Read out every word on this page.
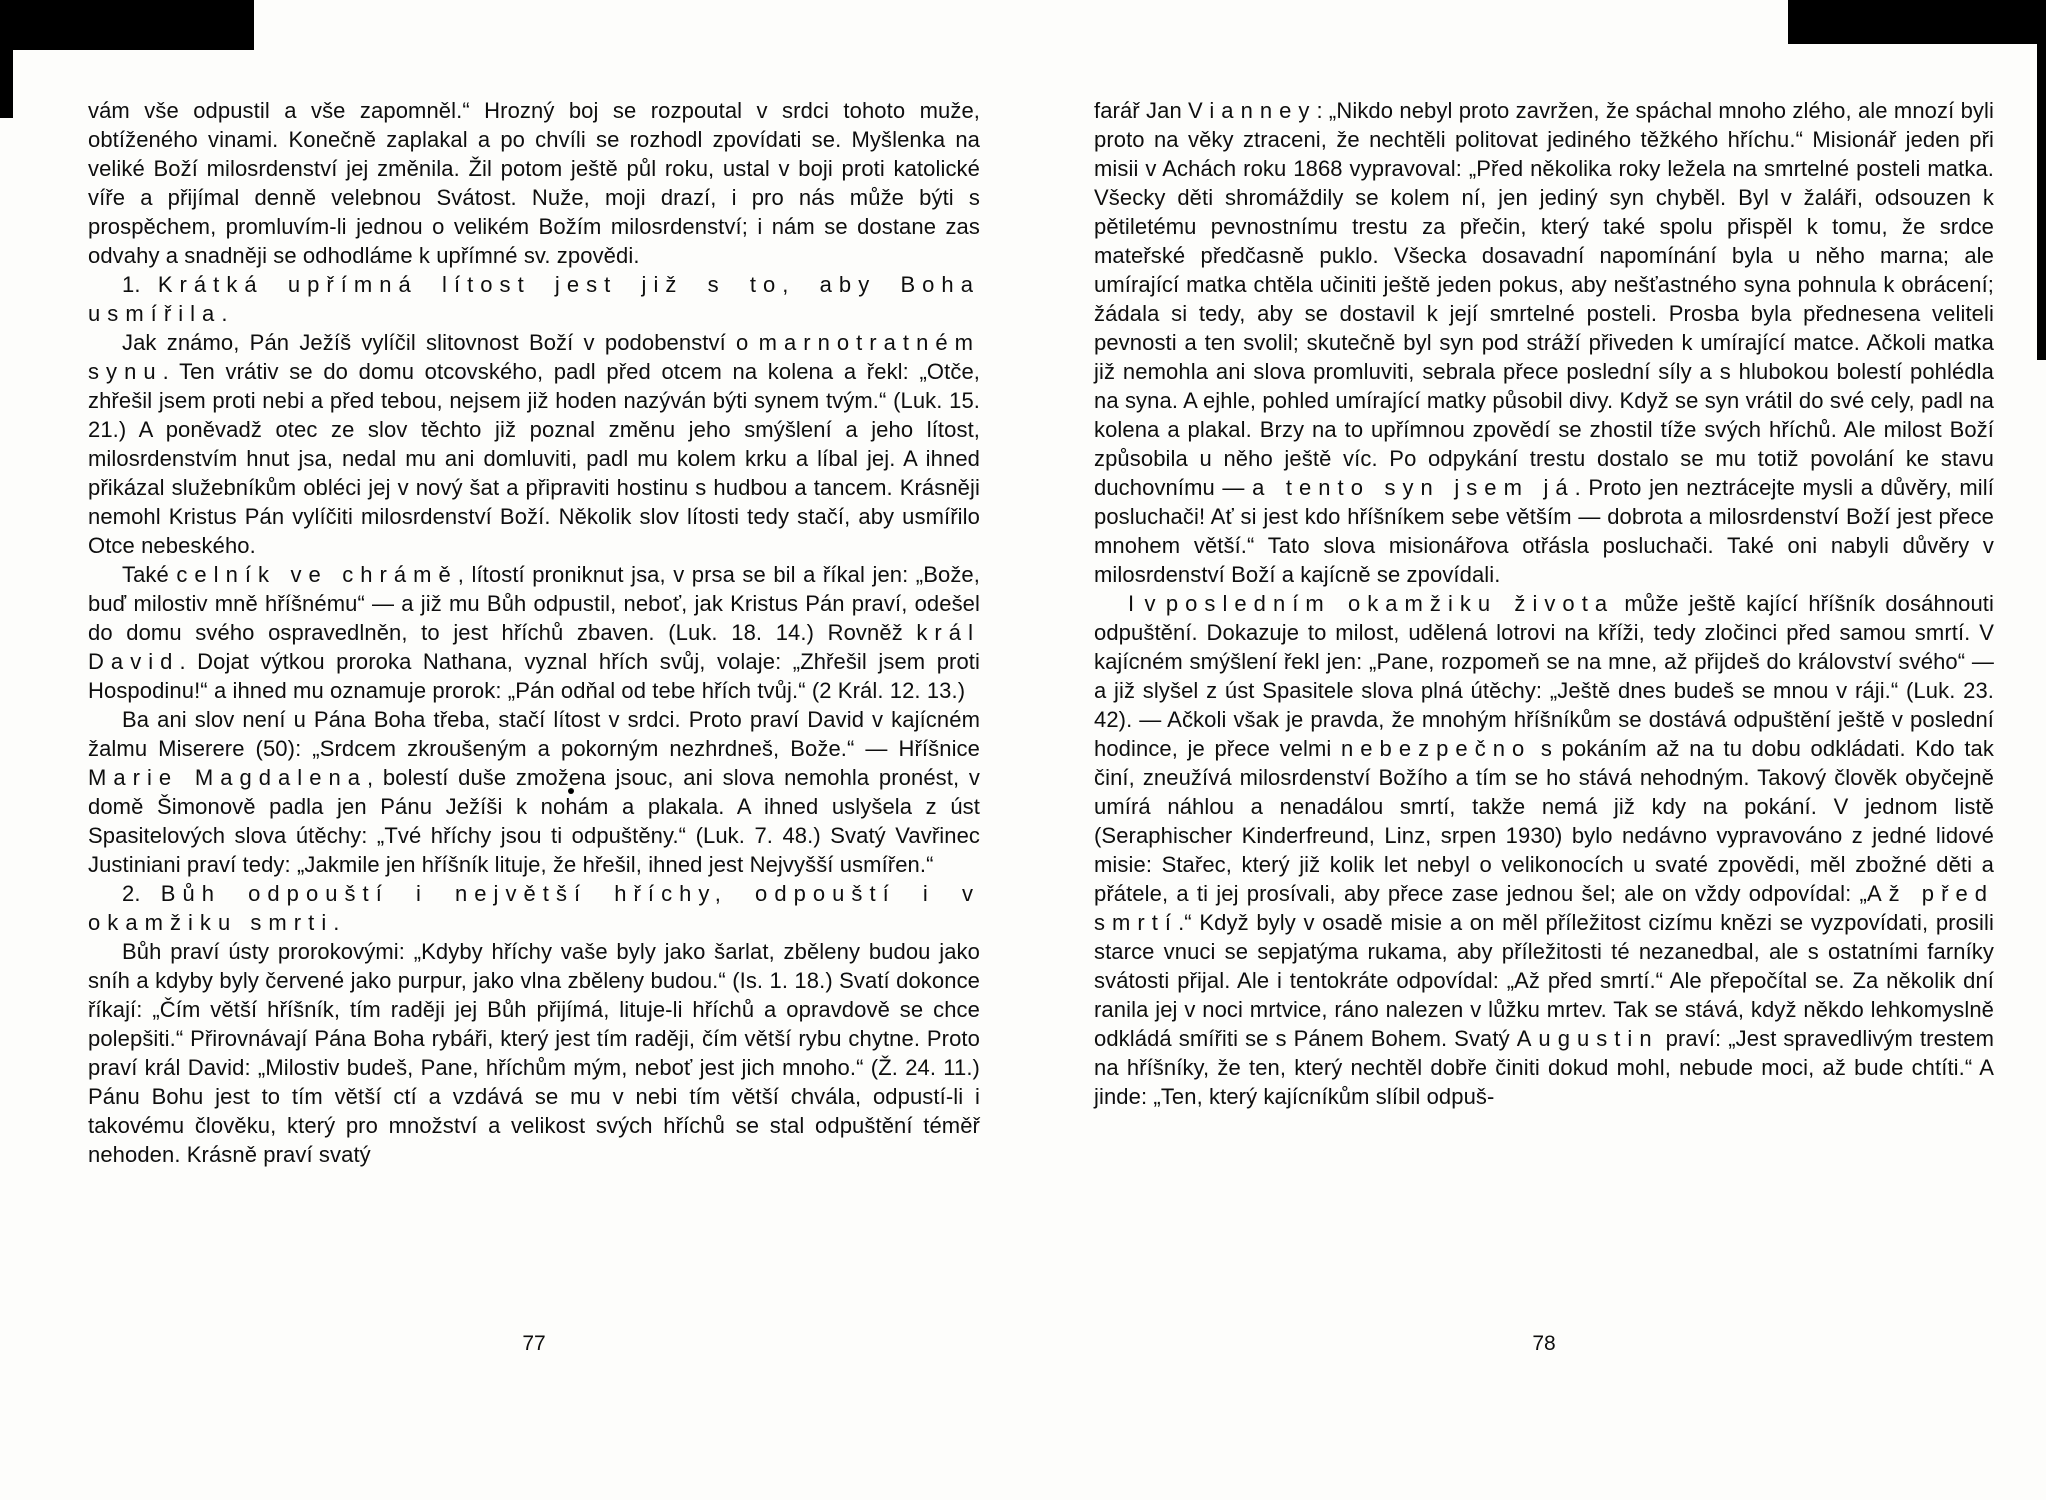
vám vše odpustil a vše zapomněl.“ Hrozný boj se rozpoutal v srdci tohoto muže, obtíženého vinami. Konečně zaplakal a po chvíli se rozhodl zpovídati se. Myšlenka na veliké Boží milosrdenství jej změnila. Žil potom ještě půl roku, ustal v boji proti katolické víře a přijímal denně velebnou Svátost. Nuže, moji drazí, i pro nás může býti s prospěchem, promluvím-li jednou o velikém Božím milosrdenství; i nám se dostane zas odvahy a snadněji se odhodláme k upřímné sv. zpovědi.

1. Krátká upřímná lítost jest již s to, aby Boha usmířila.

Jak známo, Pán Ježíš vylíčil slitovnost Boží v podobenství o marnotratném synu. Ten vrátiv se do domu otcovského, padl před otcem na kolena a řekl: „Otče, zhřešil jsem proti nebi a před tebou, nejsem již hoden nazýván býti synem tvým.“ (Luk. 15. 21.) A poněvadž otec ze slov těchto již poznal změnu jeho smýšlení a jeho lítost, milosrdenstvím hnut jsa, nedal mu ani domluviti, padl mu kolem krku a líbal jej. A ihned přikázal služebníkům obléci jej v nový šat a připraviti hostinu s hudbou a tancem. Krásněji nemohl Kristus Pán vylíčiti milosrdenství Boží. Několik slov lítosti tedy stačí, aby usmířilo Otce nebeského.

Také celník ve chrámě, lítostí proniknut jsa, v prsa se bil a říkal jen: „Bože, buď milostiv mně hříšnému“ — a již mu Bůh odpustil, neboť, jak Kristus Pán praví, odešel do domu svého ospravedlněn, to jest hříchů zbaven. (Luk. 18. 14.) Rovněž král David. Dojat výtkou proroka Nathana, vyznal hřích svůj, volaje: „Zhřešil jsem proti Hospodinu!“ a ihned mu oznamuje prorok: „Pán odňal od tebe hřích tvůj.“ (2 Král. 12. 13.)

Ba ani slov není u Pána Boha třeba, stačí lítost v srdci. Proto praví David v kajícném žalmu Miserere (50): „Srdcem zkroušeným a pokorným nezhrdneš, Bože.“ — Hříšnice Marie Magdalena, bolestí duše zmožena jsouc, ani slova nemohla pronést, v domě Šimonově padla jen Pánu Ježíši k nohám a plakala. A ihned uslyšela z úst Spasitelových slova útěchy: „Tvé hříchy jsou ti odpuštěny.“ (Luk. 7. 48.) Svatý Vavřinec Justiniani praví tedy: „Jakmile jen hříšník lituje, že hřešil, ihned jest Nejvyšší usmířen.“

2. Bůh odpouští i největší hříchy, odpouští i v okamžiku smrti.

Bůh praví ústy prorokovými: „Kdyby hříchy vaše byly jako šarlat, zběleny budou jako sníh a kdyby byly červené jako purpur, jako vlna zběleny budou.“ (Is. 1. 18.) Svatí dokonce říkají: „Čím větší hříšník, tím raději jej Bůh přijímá, lituje-li hříchů a opravdově se chce polepšiti.“ Přirovnávají Pána Boha rybáři, který jest tím raději, čím větší rybu chytne. Proto praví král David: „Milostiv budeš, Pane, hříchům mým, neboť jest jich mnoho.“ (Ž. 24. 11.) Pánu Bohu jest to tím větší ctí a vzdává se mu v nebi tím větší chvála, odpustí-li i takovému člověku, který pro množství a velikost svých hříchů se stal odpuštění téměř nehoden. Krásně praví svatý

77

farář Jan Vianney: „Nikdo nebyl proto zavržen, že spáchal mnoho zlého, ale mnozí byli proto na věky ztraceni, že nechtěli politovat jediného těžkého hříchu.“ Misionář jeden při misii v Achách roku 1868 vypravoval: „Před několika roky ležela na smrtelné posteli matka. Všecky děti shromáždily se kolem ní, jen jediný syn chyběl. Byl v žaláři, odsouzen k pětiletému pevnostnímu trestu za přečin, který také spolu přispěl k tomu, že srdce mateřské předčasně puklo. Všecka dosavadní napomínání byla u něho marna; ale umírající matka chtěla učiniti ještě jeden pokus, aby nešťastného syna pohnula k obrácení; žádala si tedy, aby se dostavil k její smrtelné posteli. Prosba byla přednesena veliteli pevnosti a ten svolil; skutečně byl syn pod stráží přiveden k umírající matce. Ačkoli matka již nemohla ani slova promluviti, sebrala přece poslední síly a s hlubokou bolestí pohlédla na syna. A ejhle, pohled umírající matky působil divy. Když se syn vrátil do své cely, padl na kolena a plakal. Brzy na to upřímnou zpovědí se zhostil tíže svých hříchů. Ale milost Boží způsobila u něho ještě víc. Po odpykání trestu dostalo se mu totiž povolání ke stavu duchovnímu — a tento syn jsem já. Proto jen neztrácejte mysli a důvěry, milí posluchači! Ať si jest kdo hříšníkem sebe větším — dobrota a milosrdenství Boží jest přece mnohem větší.“ Tato slova misionářova otřásla posluchači. Také oni nabyli důvěry v milosrdenství Boží a kajícně se zpovídali.

I v posledním okamžiku života může ještě kající hříšník dosáhnouti odpuštění. Dokazuje to milost, udělená lotrovi na kříži, tedy zločinci před samou smrtí. V kajícném smýšlení řekl jen: „Pane, rozpomeň se na mne, až přijdeš do království svého“ — a již slyšel z úst Spasitele slova plná útěchy: „Ještě dnes budeš se mnou v ráji.“ (Luk. 23. 42). — Ačkoli však je pravda, že mnohým hříšníkům se dostává odpuštění ještě v poslední hodince, je přece velmi nebezpečno s pokáním až na tu dobu odkládati. Kdo tak činí, zneužívá milosrdenství Božího a tím se ho stává nehodným. Takový člověk obyčejně umírá náhlou a nenadálou smrtí, takže nemá již kdy na pokání. V jednom listě (Seraphischer Kinderfreund, Linz, srpen 1930) bylo nedávno vypravováno z jedné lidové misie: Stařec, který již kolik let nebyl o velikonocích u svaté zpovědi, měl zbožné děti a přátele, a ti jej prosívali, aby přece zase jednou šel; ale on vždy odpovídal: „Až před smrtí.“ Když byly v osadě misie a on měl příležitost cizímu knězi se vyzpovídati, prosili starce vnuci se sepjatýma rukama, aby příležitosti té nezanedbal, ale s ostatními farníky svátosti přijal. Ale i tentokráte odpovídal: „Až před smrtí.“ Ale přepočítal se. Za několik dní ranila jej v noci mrtvice, ráno nalezen v lůžku mrtev. Tak se stává, když někdo lehkomyslně odkládá smířiti se s Pánem Bohem. Svatý Augustin praví: „Jest spravedlivým trestem na hříšníky, že ten, který nechtěl dobře činiti dokud mohl, nebude moci, až bude chtíti.“ A jinde: „Ten, který kajícníkům slíbil odpuš-

78
